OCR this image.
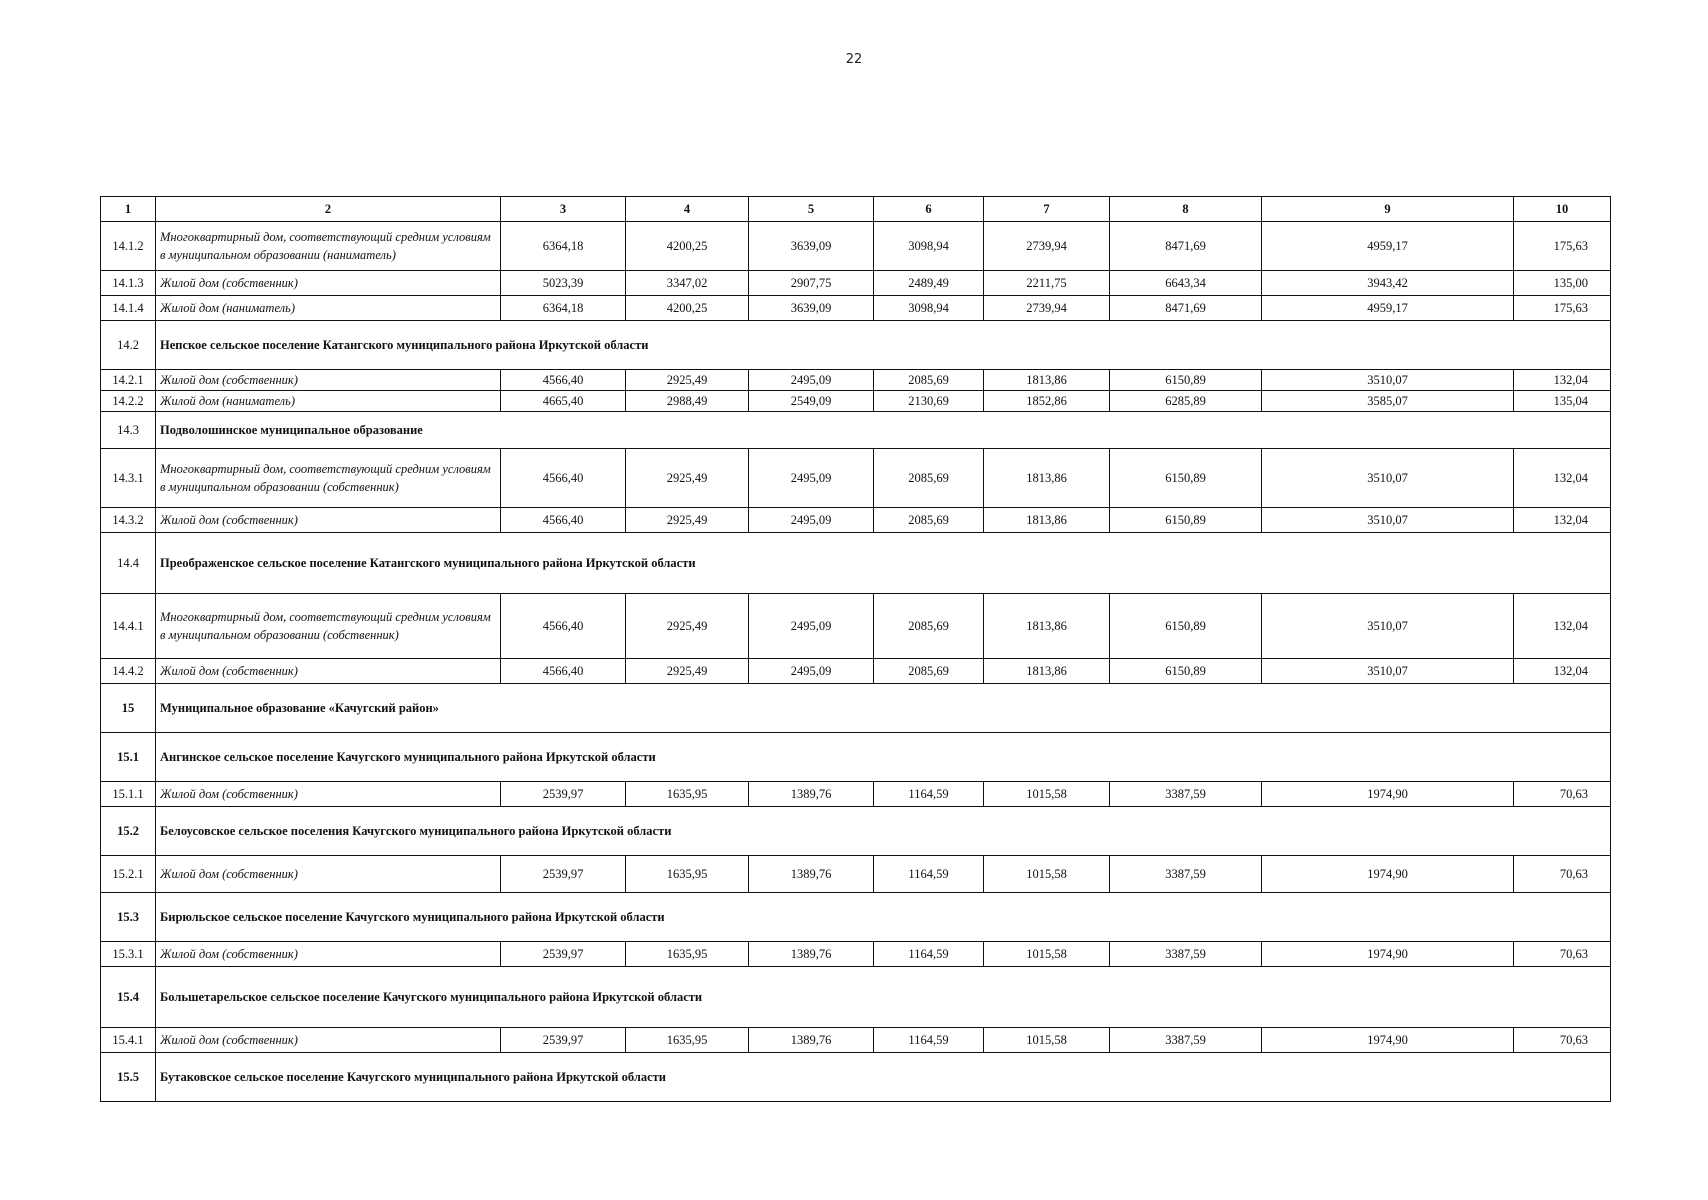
22
1	2	3	4	5	6	7	8	9	10
14.1.2	Многоквартирный дом, соответствующий средним условиям в муниципальном образовании (наниматель)	6364,18	4200,25	3639,09	3098,94	2739,94	8471,69	4959,17	175,63
14.1.3	Жилой дом (собственник)	5023,39	3347,02	2907,75	2489,49	2211,75	6643,34	3943,42	135,00
14.1.4	Жилой дом (наниматель)	6364,18	4200,25	3639,09	3098,94	2739,94	8471,69	4959,17	175,63
14.2	Непское сельское поселение Катангского муниципального района Иркутской области								
14.2.1	Жилой дом (собственник)	4566,40	2925,49	2495,09	2085,69	1813,86	6150,89	3510,07	132,04
14.2.2	Жилой дом (наниматель)	4665,40	2988,49	2549,09	2130,69	1852,86	6285,89	3585,07	135,04
14.3	Подволошинское муниципальное образование								
14.3.1	Многоквартирный дом, соответствующий средним условиям в муниципальном образовании (собственник)	4566,40	2925,49	2495,09	2085,69	1813,86	6150,89	3510,07	132,04
14.3.2	Жилой дом (собственник)	4566,40	2925,49	2495,09	2085,69	1813,86	6150,89	3510,07	132,04
14.4	Преображенское сельское поселение Катангского муниципального района Иркутской области								
14.4.1	Многоквартирный дом, соответствующий средним условиям в муниципальном образовании (собственник)	4566,40	2925,49	2495,09	2085,69	1813,86	6150,89	3510,07	132,04
14.4.2	Жилой дом (собственник)	4566,40	2925,49	2495,09	2085,69	1813,86	6150,89	3510,07	132,04
15	Муниципальное образование «Качугский район»								
15.1	Ангинское сельское поселение Качугского муниципального района Иркутской области								
15.1.1	Жилой дом (собственник)	2539,97	1635,95	1389,76	1164,59	1015,58	3387,59	1974,90	70,63
15.2	Белоусовское сельское поселения Качугского муниципального района Иркутской области								
15.2.1	Жилой дом (собственник)	2539,97	1635,95	1389,76	1164,59	1015,58	3387,59	1974,90	70,63
15.3	Бирюльское сельское поселение Качугского муниципального района Иркутской области								
15.3.1	Жилой дом (собственник)	2539,97	1635,95	1389,76	1164,59	1015,58	3387,59	1974,90	70,63
15.4	Большетарельское сельское поселение Качугского муниципального района Иркутской области								
15.4.1	Жилой дом (собственник)	2539,97	1635,95	1389,76	1164,59	1015,58	3387,59	1974,90	70,63
15.5	Бутаковское сельское поселение Качугского муниципального района Иркутской области								
